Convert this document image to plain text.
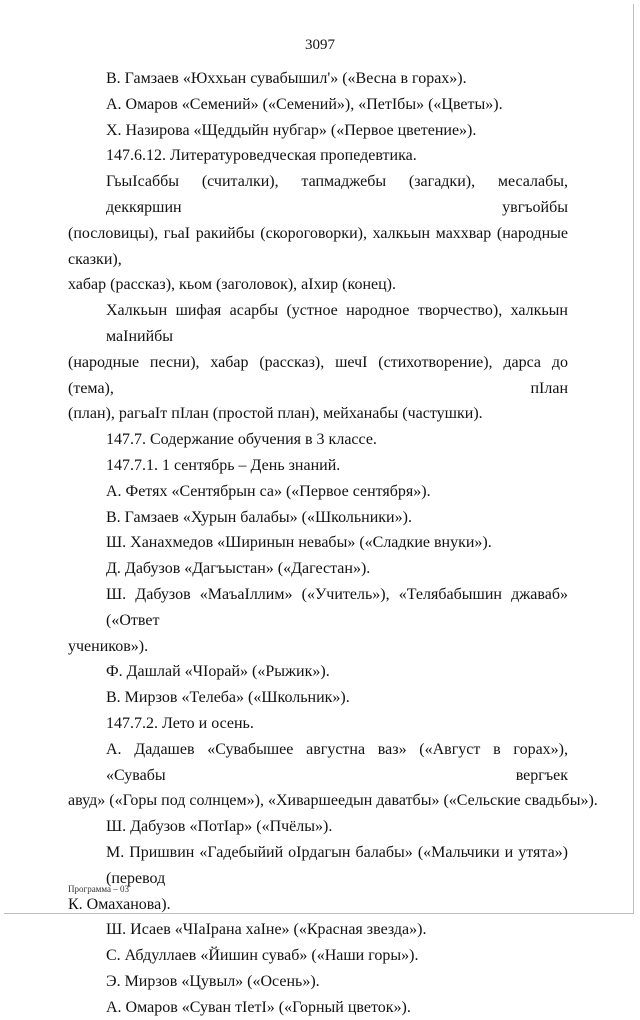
3097
В. Гамзаев «Юххьан сувабышил'» («Весна в горах»).
А. Омаров «Семений» («Семений»), «ПетIбы» («Цветы»).
Х. Назирова «Щеддыйн нубгар» («Первое цветение»).
147.6.12. Литературоведческая пропедевтика.
ГьыIсаббы (считалки), тапмаджебы (загадки), месалабы, деккяршин увгъойбы
(пословицы), гьаI ракийбы (скороговорки), халкьын маххвар (народные сказки),
хабар (рассказ), кьом (заголовок), аIхир (конец).
Халкьын шифая асарбы (устное народное творчество), халкьын маIнийбы
(народные песни), хабар (рассказ), шечI (стихотворение), дарса до (тема), пIлан
(план), рагьаIт пIлан (простой план), мейханабы (частушки).
147.7. Содержание обучения в 3 классе.
147.7.1. 1 сентябрь – День знаний.
А. Фетях «Сентябрын са» («Первое сентября»).
В. Гамзаев «Хурын балабы» («Школьники»).
Ш. Ханахмедов «Ширинын невабы» («Сладкие внуки»).
Д. Дабузов «Дагъыстан» («Дагестан»).
Ш. Дабузов «МаъаIллим» («Учитель»), «Телябабышин джаваб» («Ответ
учеников»).
Ф. Дашлай «ЧIорай» («Рыжик»).
В. Мирзов «Телеба» («Школьник»).
147.7.2. Лето и осень.
А. Дадашев «Сувабышее августна ваз» («Август в горах»), «Сувабы вергъек
авуд» («Горы под солнцем»), «Хиваршеедын даватбы» («Сельские свадьбы»).
Ш. Дабузов «ПотIар» («Пчёлы»).
М. Пришвин «Гадебыйий оIрдагын балабы» («Мальчики и утята») (перевод
К. Омаханова).
Ш. Исаев «ЧIаIрана хаIне» («Красная звезда»).
С. Абдуллаев «Йишин суваб» («Наши горы»).
Э. Мирзов «Цувыл» («Осень»).
А. Омаров «Суван тIетI» («Горный цветок»).
Программа – 03
